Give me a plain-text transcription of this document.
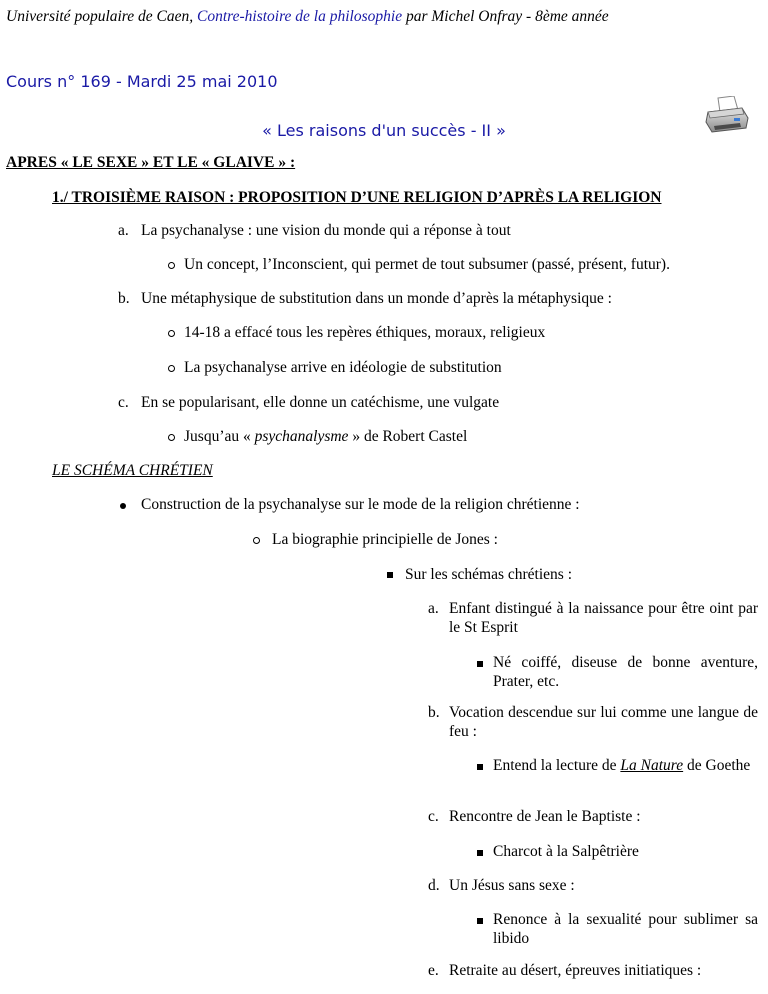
Université populaire de Caen, Contre-histoire de la philosophie par Michel Onfray - 8ème année
Cours n° 169 - Mardi 25 mai 2010
« Les raisons d'un succès - II »
APRES « LE SEXE » ET LE « GLAIVE » :
1./ TROISIÈME RAISON : PROPOSITION D’UNE RELIGION D’APRÈS LA RELIGION
a. La psychanalyse : une vision du monde qui a réponse à tout
Un concept, l’Inconscient, qui permet de tout subsumer (passé, présent, futur).
b. Une métaphysique de substitution dans un monde d’après la métaphysique :
14-18 a effacé tous les repères éthiques, moraux, religieux
La psychanalyse arrive en idéologie de substitution
c. En se popularisant, elle donne un catéchisme, une vulgate
Jusqu’au « psychanalysme » de Robert Castel
LE SCHÉMA CHRÉTIEN
Construction de la psychanalyse sur le mode de la religion chrétienne :
La biographie principielle de Jones :
Sur les schémas chrétiens :
a. Enfant distingué à la naissance pour être oint par le St Esprit
Né coiffé, diseuse de bonne aventure, Prater, etc.
b. Vocation descendue sur lui comme une langue de feu :
Entend la lecture de La Nature de Goethe
c. Rencontre de Jean le Baptiste :
Charcot à la Salpêtrière
d. Un Jésus sans sexe :
Renonce à la sexualité pour sublimer sa libido
e. Retraite au désert, épreuves initiatiques :
